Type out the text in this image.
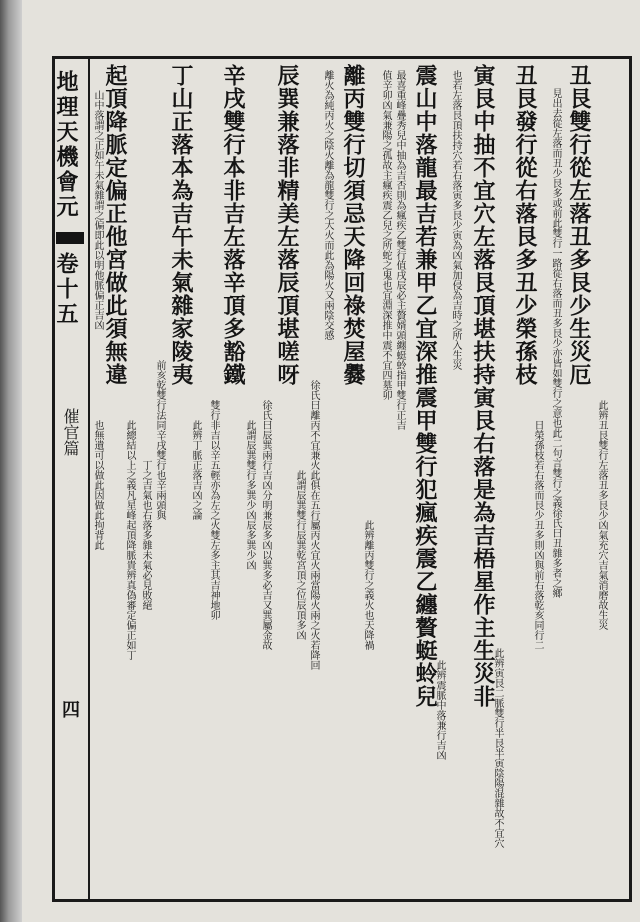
地理天機會元

卷十五

催官篇

四

丑艮雙行從左落丑多艮少生災厄

此辨丑艮雙行左落丑多艮少凶氣充穴吉氣消磨故生災

見出去從左落而丑少艮多或前此雙行一路從右落而丑多艮少亦皆如雙行之意也此二句言雙行之義徐氏曰丑雜多者之鄉

丑艮發行從右落艮多丑少榮孫枝

日榮孫枝若右落而艮少丑多則凶與前右落乾亥同行二

寅艮中抽不宜穴左落艮頂堪扶持寅艮右落是為吉梧星作主生災非

此辨寅艮二脈雙行半艮半寅陰陽混雜故不宜穴

也若左落艮頂扶持穴若右落寅多艮少寅為凶氣加侵為吉時之所入生災

震山中落龍最吉若兼甲乙宜深推震甲雙行犯瘋疾震乙纏贅蜓蛉兒

此辨震脈中落兼行吉凶

最喜重峰疊秀兒中抽為吉否則為瘋疾乙雙行值戌辰必主贅婿頭纏蜓蛉指甲雙行正吉

值辛卯凶氣兼陽之孤故主瘋疾震乙兒之所蛇之鬼也宜淵深推中震不宜四墓卯

離丙雙行切須忌天降回祿焚屋爨

此辨離丙雙行之義火也天降禍

離火為純丙火之陰火離為龍雙行之大火而此為陽火又兩陰交感

徐氏曰離丙不宜兼火此俱在五行屬丙火宜火兩當陽火兩之火若降回

辰巽兼落非精美左落辰頂堪嗟呀

此謂辰巽雙行辰巽乾宮頂之位辰頂多凶

徐氏曰辰巽兩行吉凶分明兼辰多凶以巽多必吉又巽屬金故

辛戌雙行本非吉左落辛頂多豁鐵

此謂辰巽雙行多巽少凶辰多巽少凶

雙行非吉以辛五輕亦為左之火雙左多主其吉神地卯

丁山正落本為吉午未氣雜家陵夷

此辨丁脈正落吉凶之論

前亥乾雙行法同辛戌雙行也辛兩頭與

丁之吉氣也右落多雜未氣必見敗絕

起頂降脈定偏正他宮做此須無違

此總結以上之義凡星峰起頂降脈貴辨真偽審定偏正如丁

山中落謂之正如午未氣雜謂之偏即此以明他脈偏正吉凶

也無遺可以做此因做此拘背此
